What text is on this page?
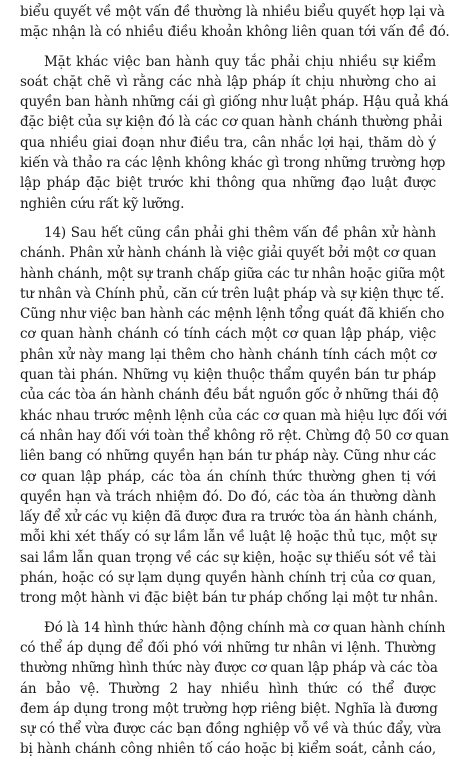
biểu quyết về một vấn đề thường là nhiều biểu quyết hợp lại và
mặc nhận là có nhiều điều khoản không liên quan tới vấn đề đó.
Mặt khác việc ban hành quy tắc phải chịu nhiều sự kiểm
soát chặt chẽ vì rằng các nhà lập pháp ít chịu nhường cho ai
quyền ban hành những cái gì giống như luật pháp. Hậu quả khá
đặc biệt của sự kiện đó là các cơ quan hành chánh thường phải
qua nhiều giai đoạn như điều tra, cân nhắc lợi hại, thăm dò ý
kiến và thảo ra các lệnh không khác gì trong những trường hợp
lập pháp đặc biệt trước khi thông qua những đạo luật được
nghiên cứu rất kỹ lưỡng.
14) Sau hết cũng cần phải ghi thêm vấn đề phân xử hành
chánh. Phân xử hành chánh là việc giải quyết bởi một cơ quan
hành chánh, một sự tranh chấp giữa các tư nhân hoặc giữa một
tư nhân và Chính phủ, căn cứ trên luật pháp và sự kiện thực tế.
Cũng như việc ban hành các mệnh lệnh tổng quát đã khiến cho
cơ quan hành chánh có tính cách một cơ quan lập pháp, việc
phân xử này mang lại thêm cho hành chánh tính cách một cơ
quan tài phán. Những vụ kiện thuộc thẩm quyền bán tư pháp
của các tòa án hành chánh đều bắt nguồn gốc ở những thái độ
khác nhau trước mệnh lệnh của các cơ quan mà hiệu lực đối với
cá nhân hay đối với toàn thể không rõ rệt. Chừng độ 50 cơ quan
liên bang có những quyền hạn bán tư pháp này. Cũng như các
cơ quan lập pháp, các tòa án chính thức thường ghen tị với
quyền hạn và trách nhiệm đó. Do đó, các tòa án thường dành
lấy để xử các vụ kiện đã được đưa ra trước tòa án hành chánh,
mỗi khi xét thấy có sự lầm lẫn về luật lệ hoặc thủ tục, một sự
sai lầm lẫn quan trọng về các sự kiện, hoặc sự thiếu sót về tài
phán, hoặc có sự lạm dụng quyền hành chính trị của cơ quan,
trong một hành vi đặc biệt bán tư pháp chống lại một tư nhân.
Đó là 14 hình thức hành động chính mà cơ quan hành chính
có thể áp dụng để đối phó với những tư nhân vi lệnh. Thường
thường những hình thức này được cơ quan lập pháp và các tòa
án bảo vệ. Thường 2 hay nhiều hình thức có thể được
đem áp dụng trong một trường hợp riêng biệt. Nghĩa là đương
sự có thể vừa được các bạn đồng nghiệp vỗ về và thúc đẩy, vừa
bị hành chánh công nhiên tố cáo hoặc bị kiểm soát, cảnh cáo,
